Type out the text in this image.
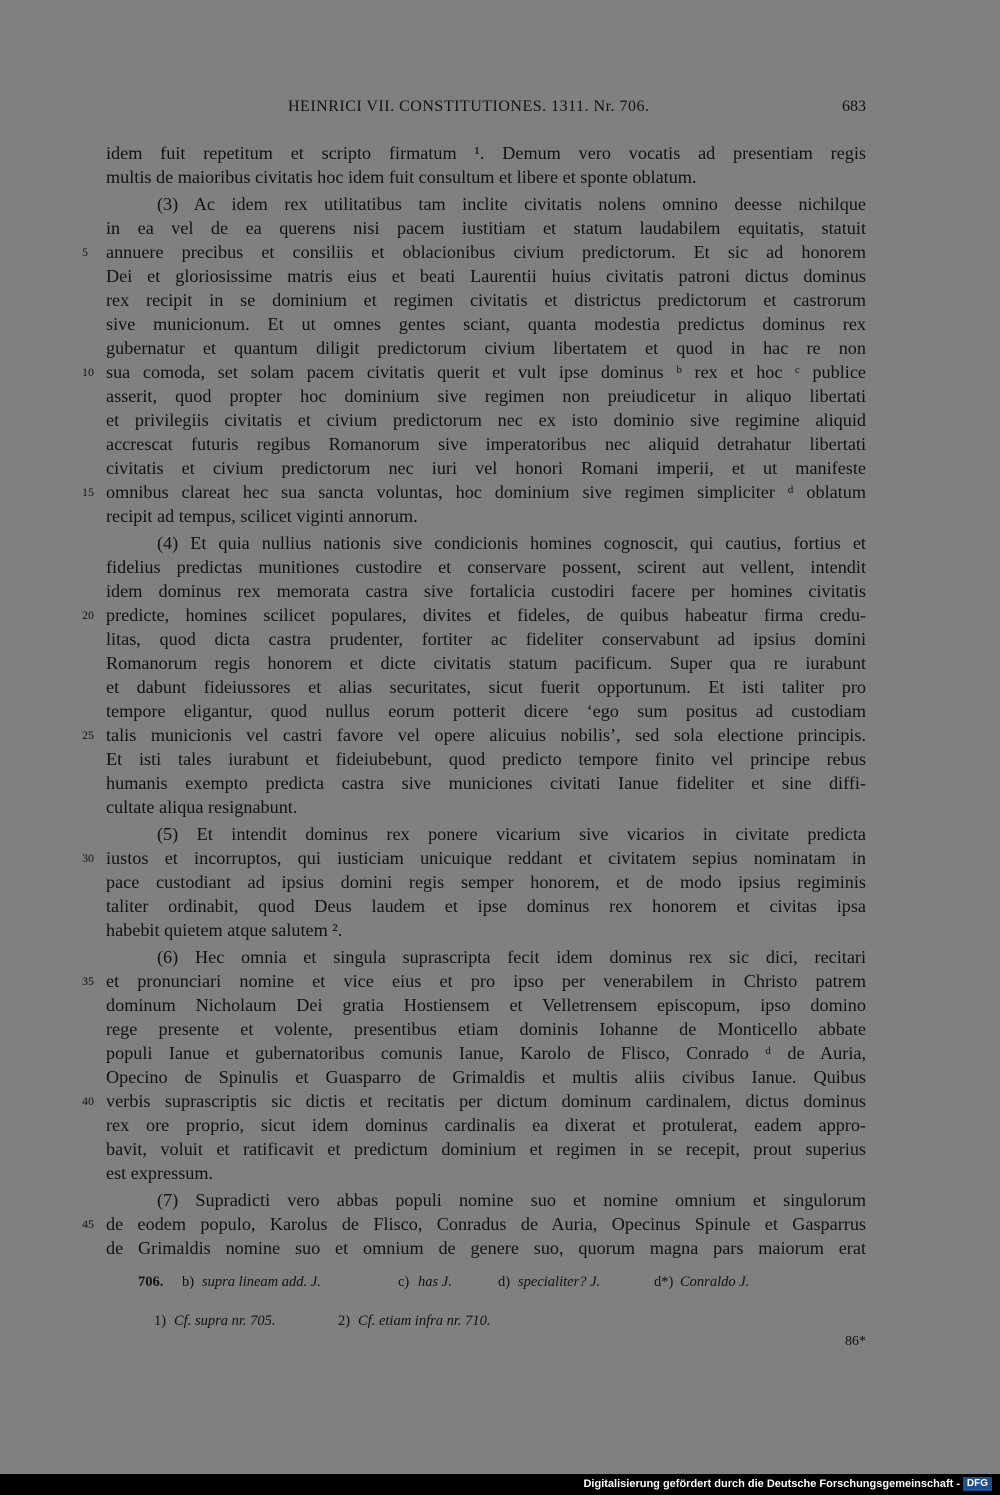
HEINRICI VII. CONSTITUTIONES. 1311. Nr. 706.	683
idem fuit repetitum et scripto firmatum ¹. Demum vero vocatis ad presentiam regis
multis de maioribus civitatis hoc idem fuit consultum et libere et sponte oblatum.
(3) Ac idem rex utilitatibus tam inclite civitatis nolens omnino deesse nichilque
in ea vel de ea querens nisi pacem iustitiam et statum laudabilem equitatis, statuit
5 annuere precibus et consiliis et oblacionibus civium predictorum. Et sic ad honorem
Dei et gloriosissime matris eius et beati Laurentii huius civitatis patroni dictus dominus
rex recipit in se dominium et regimen civitatis et districtus predictorum et castrorum
sive municionum. Et ut omnes gentes sciant, quanta modestia predictus dominus rex
gubernatur et quantum diligit predictorum civium libertatem et quod in hac re non
10 sua comoda, set solam pacem civitatis querit et vult ipse dominus ᵇ rex et hoc ᶜ publice
asserit, quod propter hoc dominium sive regimen non preiudicetur in aliquo libertati
et privilegiis civitatis et civium predictorum nec ex isto dominio sive regimine aliquid
accrescat futuris regibus Romanorum sive imperatoribus nec aliquid detrahatur libertati
civitatis et civium predictorum nec iuri vel honori Romani imperii, et ut manifeste
15 omnibus clareat hec sua sancta voluntas, hoc dominium sive regimen simpliciter ᵈ oblatum
recipit ad tempus, scilicet viginti annorum.
(4) Et quia nullius nationis sive condicionis homines cognoscit, qui cautius, fortius et
fidelius predictas munitiones custodire et conservare possent, scirent aut vellent, intendit
idem dominus rex memorata castra sive fortalicia custodiri facere per homines civitatis
20 predicte, homines scilicet populares, divites et fideles, de quibus habeatur firma credu-
litas, quod dicta castra prudenter, fortiter ac fideliter conservabunt ad ipsius domini
Romanorum regis honorem et dicte civitatis statum pacificum. Super qua re iurabunt
et dabunt fideiussores et alias securitates, sicut fuerit opportunum. Et isti taliter pro
tempore eligantur, quod nullus eorum potterit dicere ‘ego sum positus ad custodiam
25 talis municionis vel castri favore vel opere alicuius nobilis’, sed sola electione principis.
Et isti tales iurabunt et fideiubebunt, quod predicto tempore finito vel principe rebus
humanis exempto predicta castra sive municiones civitati Ianue fideliter et sine diffi-
cultate aliqua resignabunt.
(5) Et intendit dominus rex ponere vicarium sive vicarios in civitate predicta
30 iustos et incorruptos, qui iusticiam unicuique reddant et civitatem sepius nominatam in
pace custodiant ad ipsius domini regis semper honorem, et de modo ipsius regiminis
taliter ordinabit, quod Deus laudem et ipse dominus rex honorem et civitas ipsa
habebit quietem atque salutem ².
(6) Hec omnia et singula suprascripta fecit idem dominus rex sic dici, recitari
35 et pronunciari nomine et vice eius et pro ipso per venerabilem in Christo patrem
dominum Nicholaum Dei gratia Hostiensem et Velletrensem episcopum, ipso domino
rege presente et volente, presentibus etiam dominis Iohanne de Monticello abbate
populi Ianue et gubernatoribus comunis Ianue, Karolo de Flisco, Conrado ᵈ de Auria,
Opecino de Spinulis et Guasparro de Grimaldis et multis aliis civibus Ianue. Quibus
40 verbis suprascriptis sic dictis et recitatis per dictum dominum cardinalem, dictus dominus
rex ore proprio, sicut idem dominus cardinalis ea dixerat et protulerat, eadem appro-
bavit, voluit et ratificavit et predictum dominium et regimen in se recepit, prout superius
est expressum.
(7) Supradicti vero abbas populi nomine suo et nomine omnium et singulorum
45 de eodem populo, Karolus de Flisco, Conradus de Auria, Opecinus Spinule et Gasparrus
de Grimaldis nomine suo et omnium de genere suo, quorum magna pars maiorum erat
706. b) supra lineam add. J.	c) has J.	d) specialiter? J.	d*) Conraldo J.
1) Cf. supra nr. 705.	2) Cf. etiam infra nr. 710.
86*
Digitalisierung gefördert durch die Deutsche Forschungsgemeinschaft - DFG
